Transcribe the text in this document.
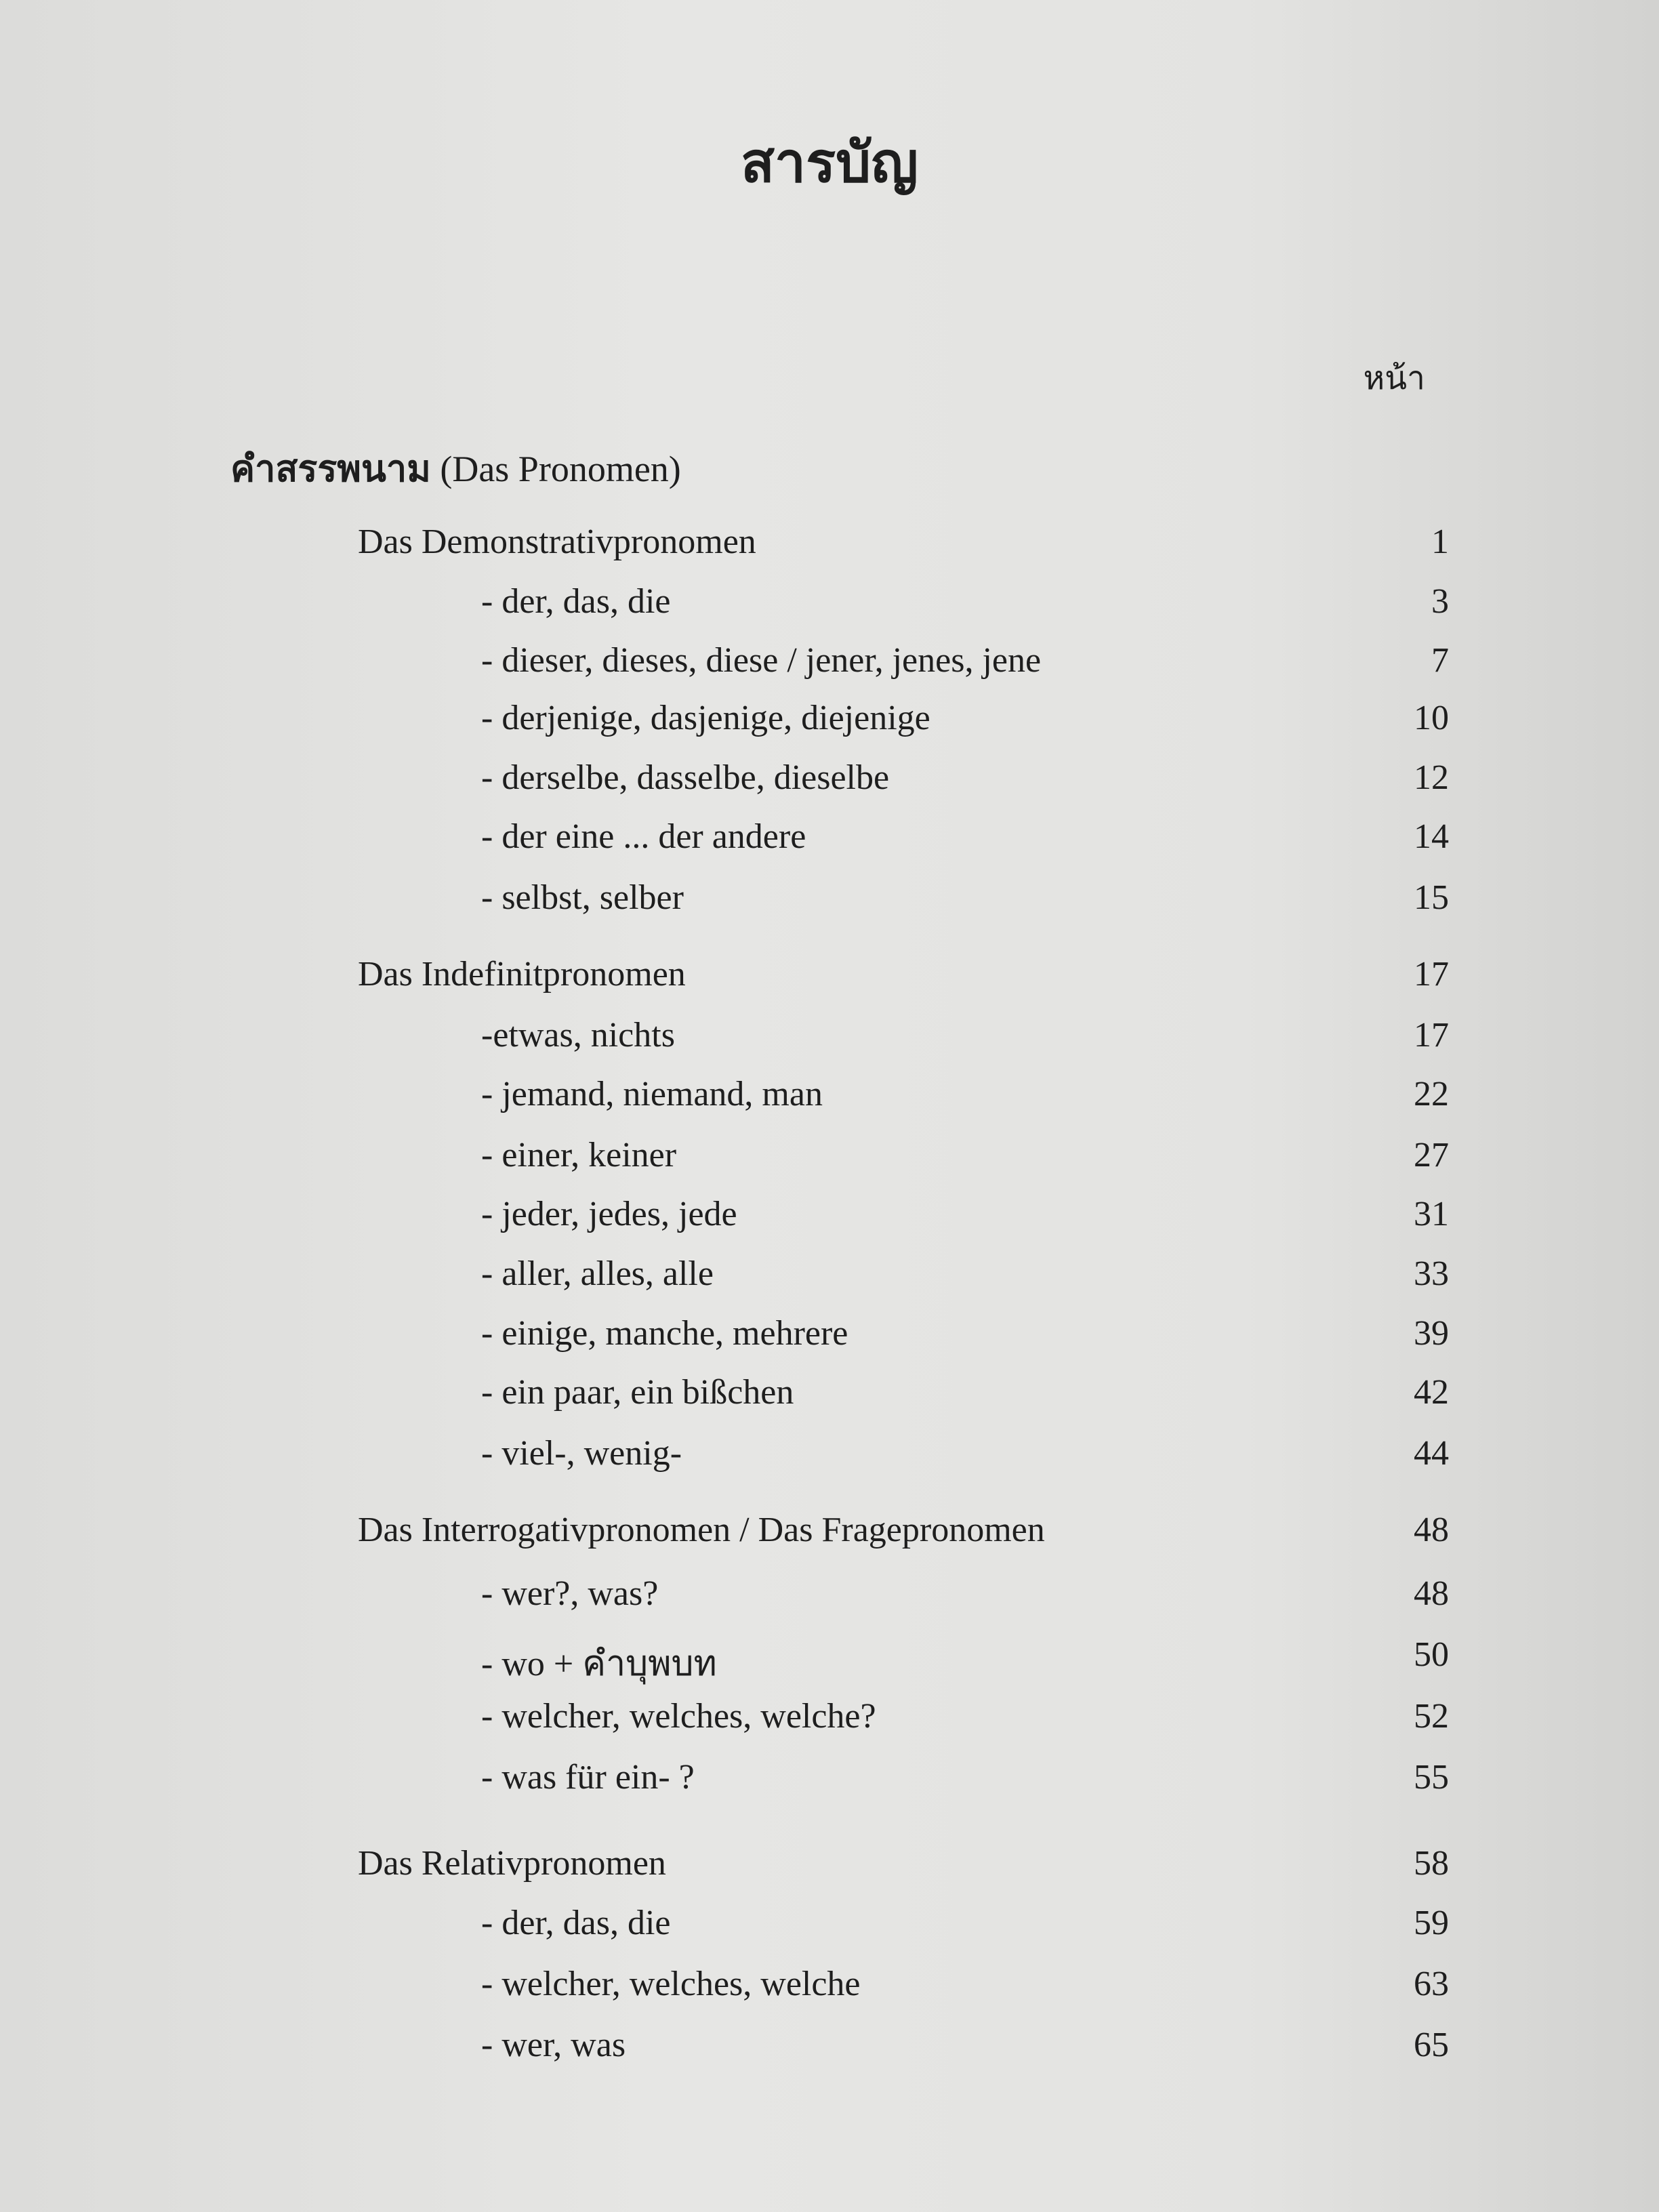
สารบัญ
หน้า
คำสรรพนาม (Das Pronomen)
Das Demonstrativpronomen	1
- der, das, die	3
- dieser, dieses, diese / jener, jenes, jene	7
- derjenige, dasjenige, diejenige	10
- derselbe, dasselbe, dieselbe	12
- der eine ... der andere	14
- selbst, selber	15
Das Indefinitpronomen	17
-etwas, nichts	17
- jemand, niemand, man	22
- einer, keiner	27
- jeder, jedes, jede	31
- aller, alles, alle	33
- einige, manche, mehrere	39
- ein paar, ein bißchen	42
- viel-, wenig-	44
Das Interrogativpronomen / Das Fragepronomen	48
- wer?, was?	48
- wo + คำบุพบท	50
- welcher, welches, welche?	52
- was für ein- ?	55
Das Relativpronomen	58
- der, das, die	59
- welcher, welches, welche	63
- wer, was	65
